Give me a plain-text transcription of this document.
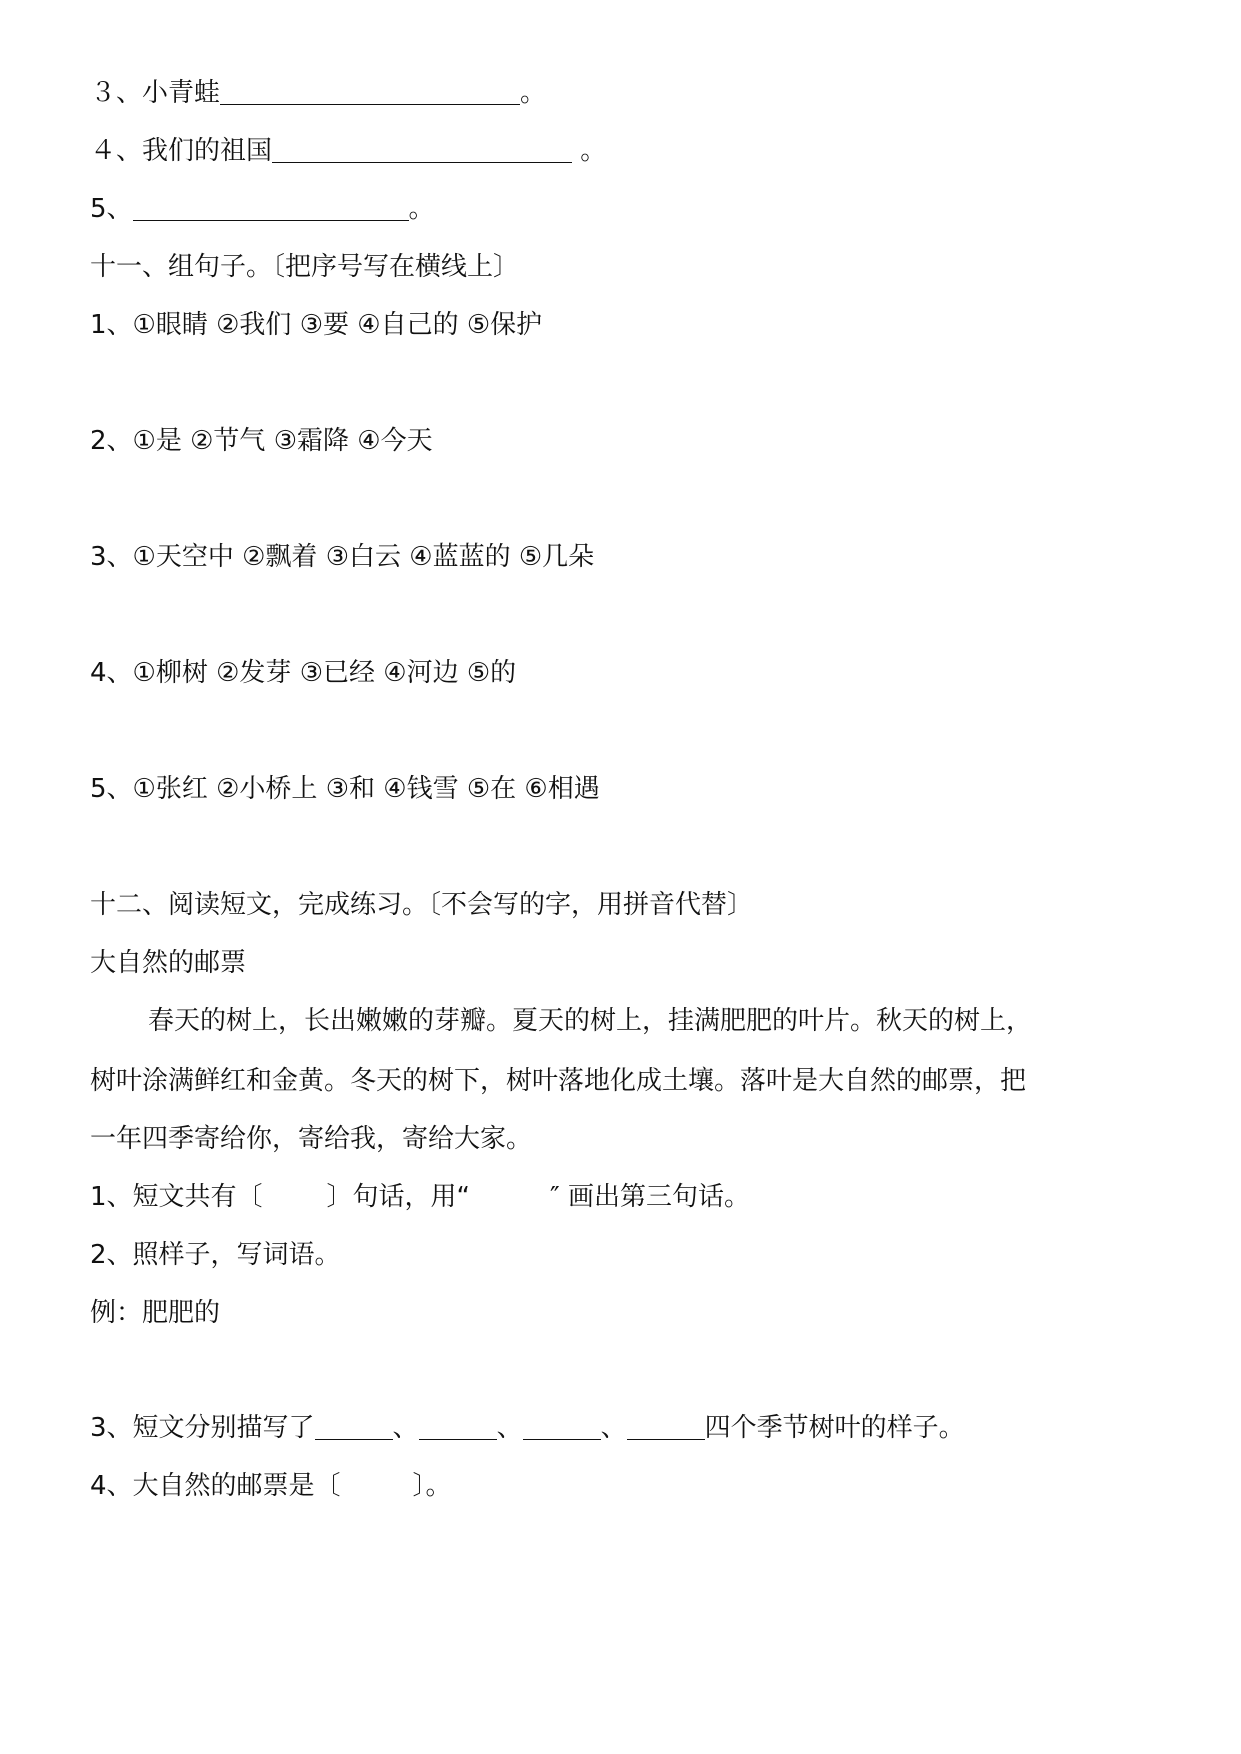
３、小青蛙	。
４、我们的祖国	。
5、	。
十一、组句子。〔把序号写在横线上〕
1、①眼睛 ②我们 ③要 ④自己的 ⑤保护
2、①是 ②节气 ③霜降 ④今天
3、①天空中 ②飘着 ③白云 ④蓝蓝的 ⑤几朵
4、①柳树 ②发芽 ③已经 ④河边 ⑤的
5、①张红 ②小桥上 ③和 ④钱雪 ⑤在 ⑥相遇
十二、阅读短文，完成练习。〔不会写的字，用拼音代替〕
大自然的邮票
春天的树上，长出嫩嫩的芽瓣。夏天的树上，挂满肥肥的叶片。秋天的树上，
树叶涂满鲜红和金黄。冬天的树下，树叶落地化成土壤。落叶是大自然的邮票，把
一年四季寄给你，寄给我，寄给大家。
1、短文共有〔 〕句话，用“	″ 画出第三句话。
2、照样子，写词语。
例：肥肥的
3、短文分别描写了	、	、	、	四个季节树叶的样子。
4、大自然的邮票是〔	〕。
